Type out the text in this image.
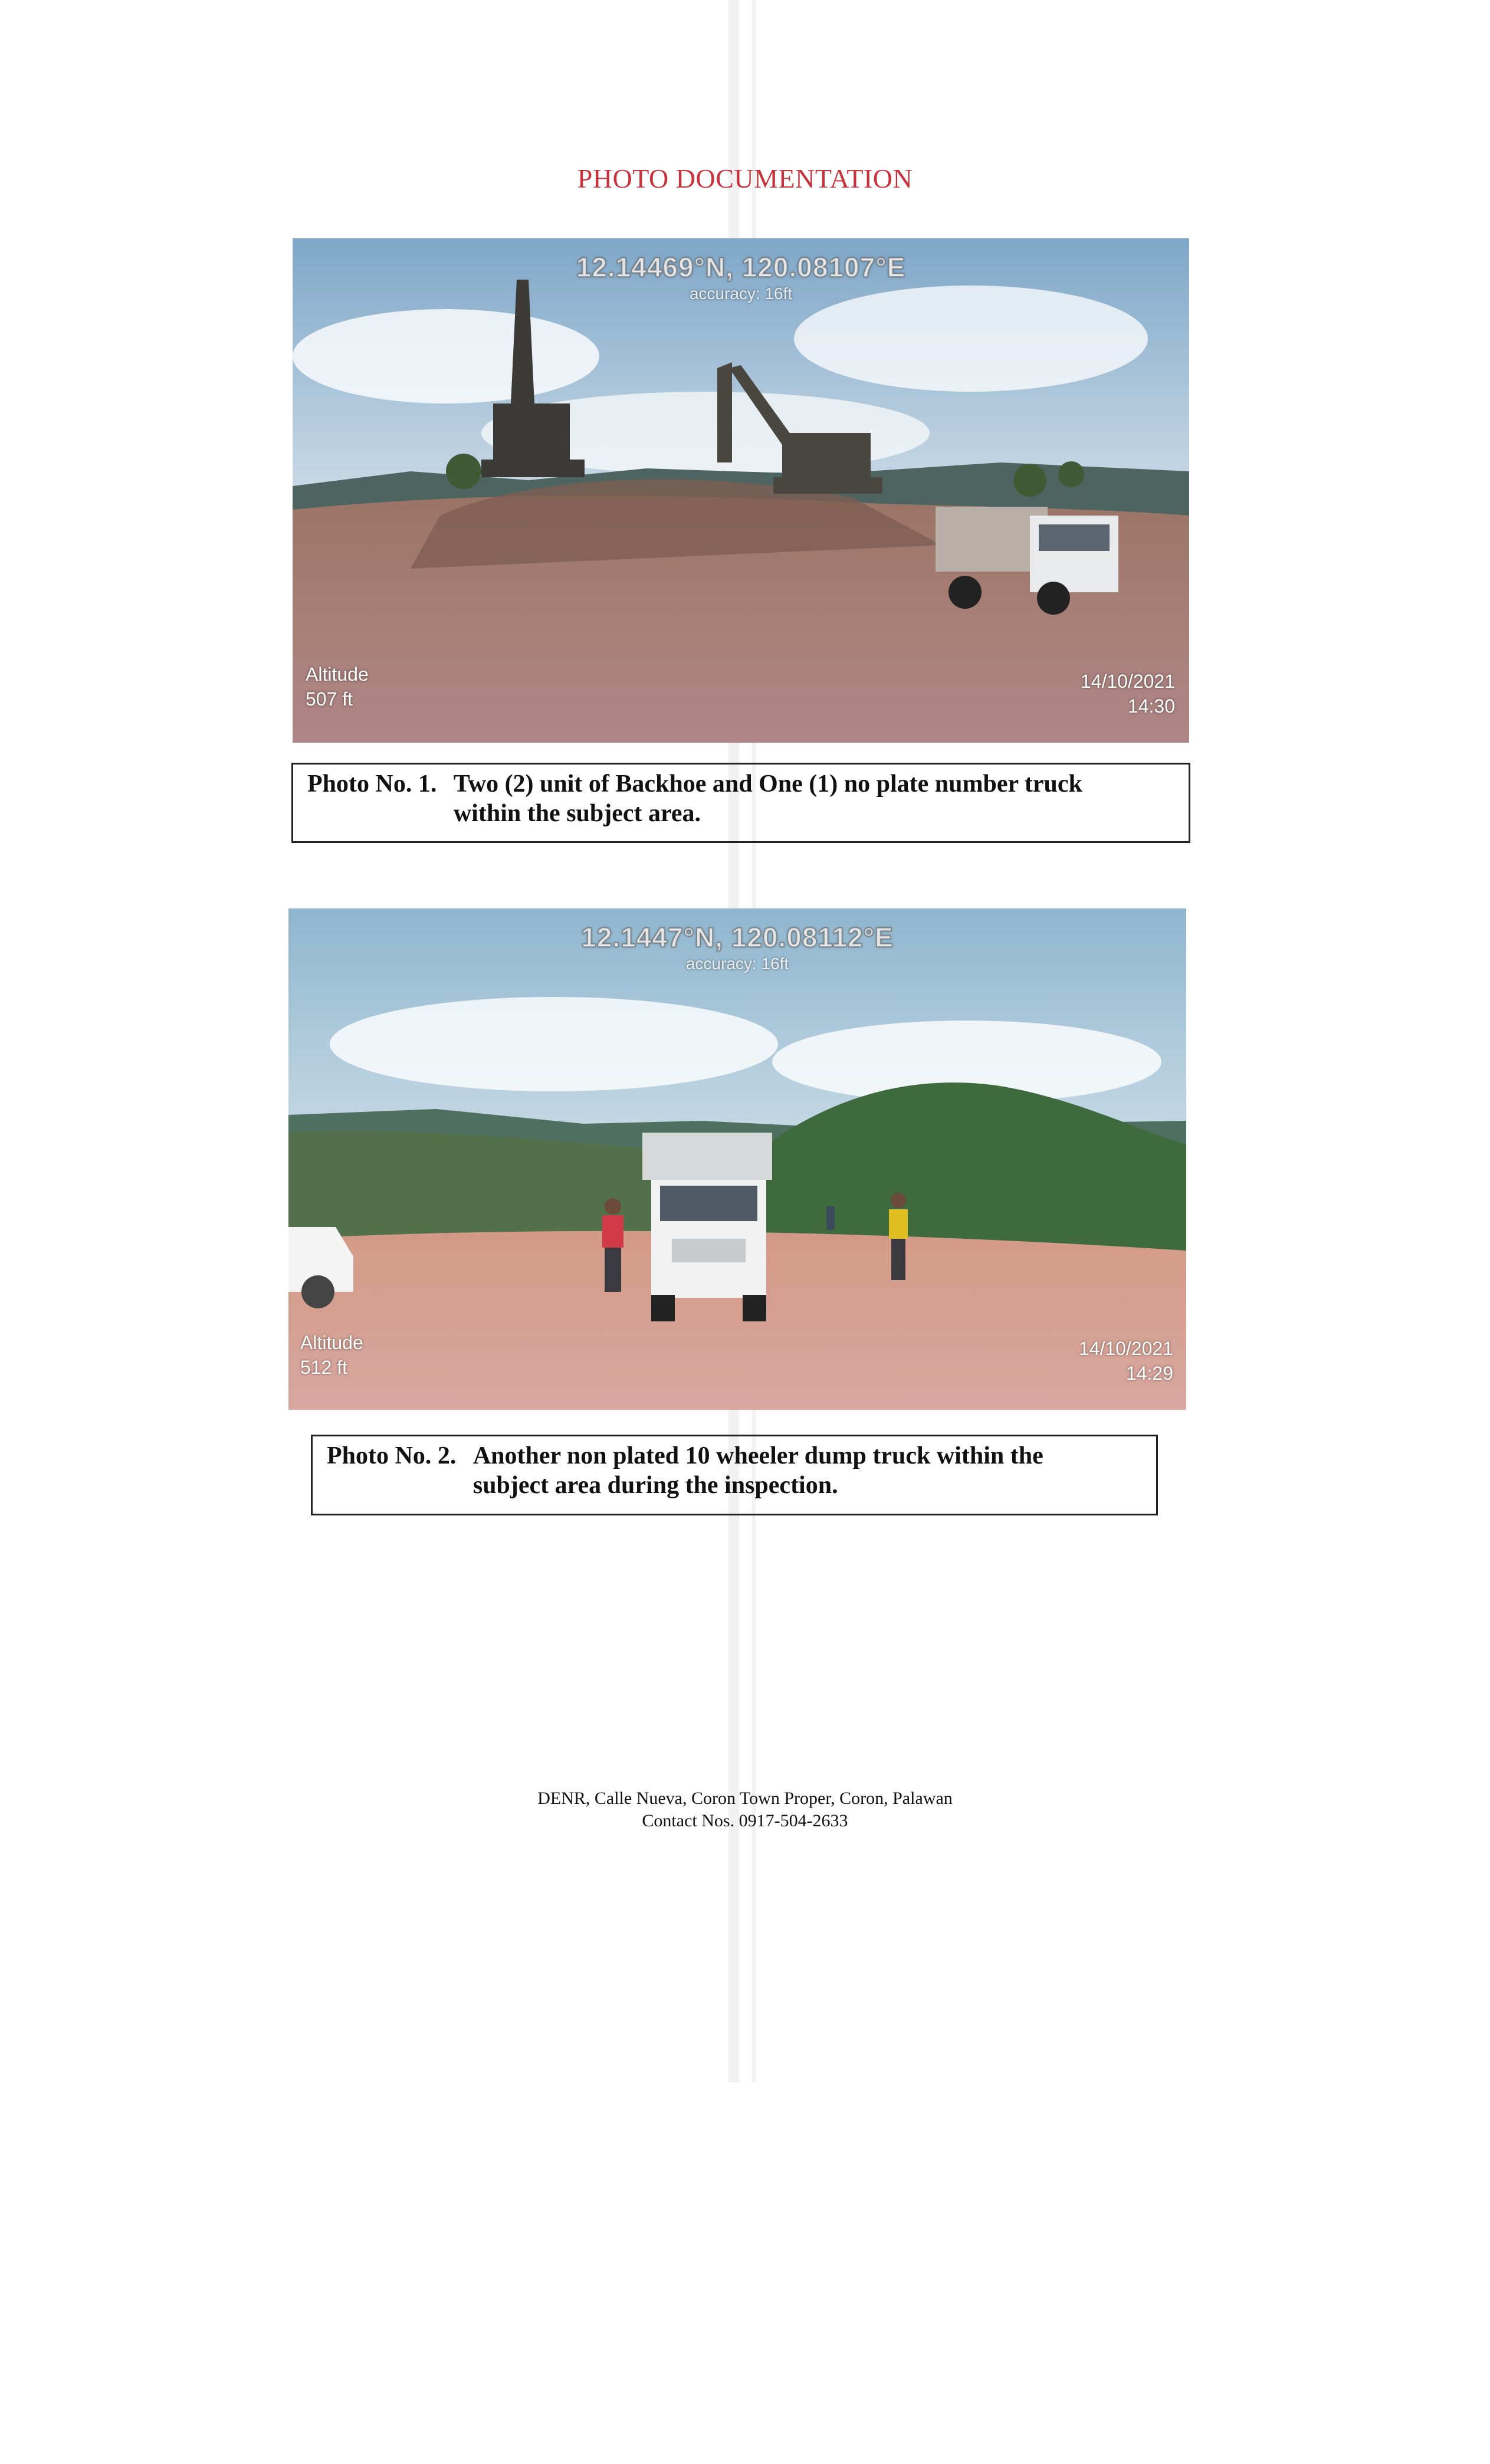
PHOTO DOCUMENTATION
12.14469°N, 120.08107°E
accuracy: 16ft
Altitude
507 ft
14/10/2021
14:30
Photo No. 1. Two (2) unit of Backhoe and One (1) no plate number truck
within the subject area.
12.1447°N, 120.08112°E
accuracy: 16ft
Altitude
512 ft
14/10/2021
14:29
Photo No. 2. Another non plated 10 wheeler dump truck within the
subject area during the inspection.
DENR, Calle Nueva, Coron Town Proper, Coron, Palawan
Contact Nos. 0917-504-2633
